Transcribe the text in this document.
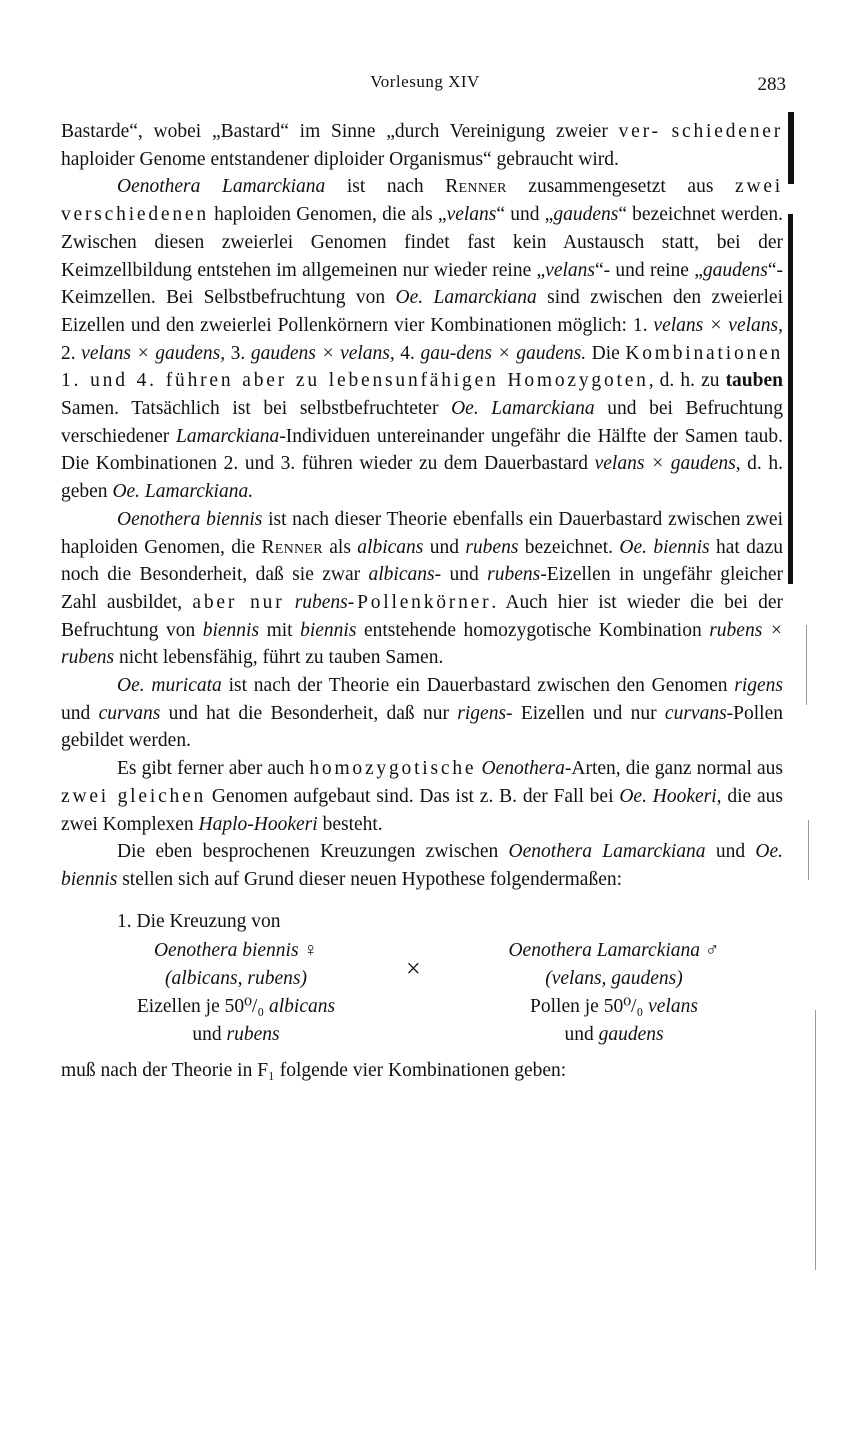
Vorlesung XIV	283

Bastarde“, wobei „Bastard“ im Sinne „durch Vereinigung zweier ver- schiedener haploider Genome entstandener diploider Organismus“ gebraucht wird.

Oenothera Lamarckiana ist nach Renner zusammengesetzt aus zwei verschiedenen haploiden Genomen, die als „velans“ und „gaudens“ bezeichnet werden. Zwischen diesen zweierlei Genomen findet fast kein Austausch statt, bei der Keimzellbildung entstehen im allgemeinen nur wieder reine „velans“- und reine „gaudens“-Keimzellen. Bei Selbstbefruchtung von Oe. Lamarckiana sind zwischen den zweierlei Eizellen und den zweierlei Pollenkörnern vier Kombinationen möglich: 1. velans × velans, 2. velans × gaudens, 3. gaudens × velans, 4. gau-dens × gaudens. Die Kombinationen 1. und 4. führen aber zu lebensunfähigen Homozygoten, d. h. zu tauben Samen. Tatsächlich ist bei selbstbefruchteter Oe. Lamarckiana und bei Befruchtung verschiedener Lamarckiana-Individuen untereinander ungefähr die Hälfte der Samen taub. Die Kombinationen 2. und 3. führen wieder zu dem Dauerbastard velans × gaudens, d. h. geben Oe. Lamarckiana.

Oenothera biennis ist nach dieser Theorie ebenfalls ein Dauerbastard zwischen zwei haploiden Genomen, die Renner als albicans und rubens bezeichnet. Oe. biennis hat dazu noch die Besonderheit, daß sie zwar albicans- und rubens-Eizellen in ungefähr gleicher Zahl ausbildet, aber nur rubens-Pollenkörner. Auch hier ist wieder die bei der Befruchtung von biennis mit biennis entstehende homozygotische Kombination rubens × rubens nicht lebensfähig, führt zu tauben Samen.

Oe. muricata ist nach der Theorie ein Dauerbastard zwischen den Genomen rigens und curvans und hat die Besonderheit, daß nur rigens- Eizellen und nur curvans-Pollen gebildet werden.

Es gibt ferner aber auch homozygotische Oenothera-Arten, die ganz normal aus zwei gleichen Genomen aufgebaut sind. Das ist z. B. der Fall bei Oe. Hookeri, die aus zwei Komplexen Haplo-Hookeri besteht.

Die eben besprochenen Kreuzungen zwischen Oenothera Lamarckiana und Oe. biennis stellen sich auf Grund dieser neuen Hypothese folgendermaßen:

1. Die Kreuzung von

Oenothera biennis ♀
(albicans, rubens)
Eizellen je 50⁰/₀ albicans
und rubens
×
Oenothera Lamarckiana ♂
(velans, gaudens)
Pollen je 50⁰/₀ velans
und gaudens

muß nach der Theorie in F₁ folgende vier Kombinationen geben:
